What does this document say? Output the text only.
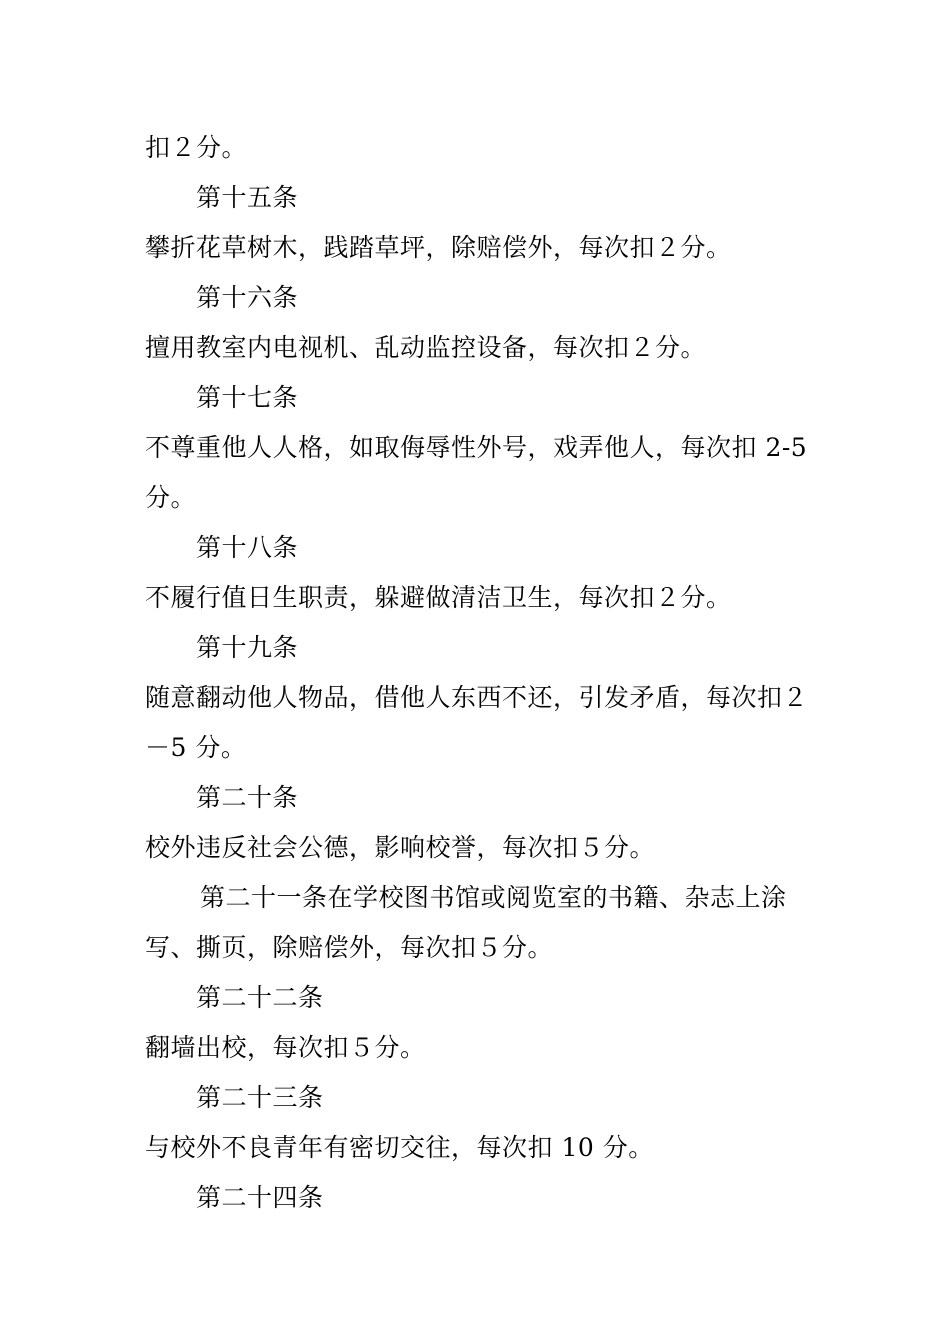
扣２分。
第十五条
攀折花草树木，践踏草坪，除赔偿外，每次扣２分。
第十六条
擅用教室内电视机、乱动监控设备，每次扣２分。
第十七条
不尊重他人人格，如取侮辱性外号，戏弄他人，每次扣 2-5
分。
第十八条
不履行值日生职责，躲避做清洁卫生，每次扣２分。
第十九条
随意翻动他人物品，借他人东西不还，引发矛盾，每次扣２
－5 分。
第二十条
校外违反社会公德，影响校誉，每次扣５分。
第二十一条在学校图书馆或阅览室的书籍、杂志上涂
写、撕页，除赔偿外，每次扣５分。
第二十二条
翻墙出校，每次扣５分。
第二十三条
与校外不良青年有密切交往，每次扣 10 分。
第二十四条
